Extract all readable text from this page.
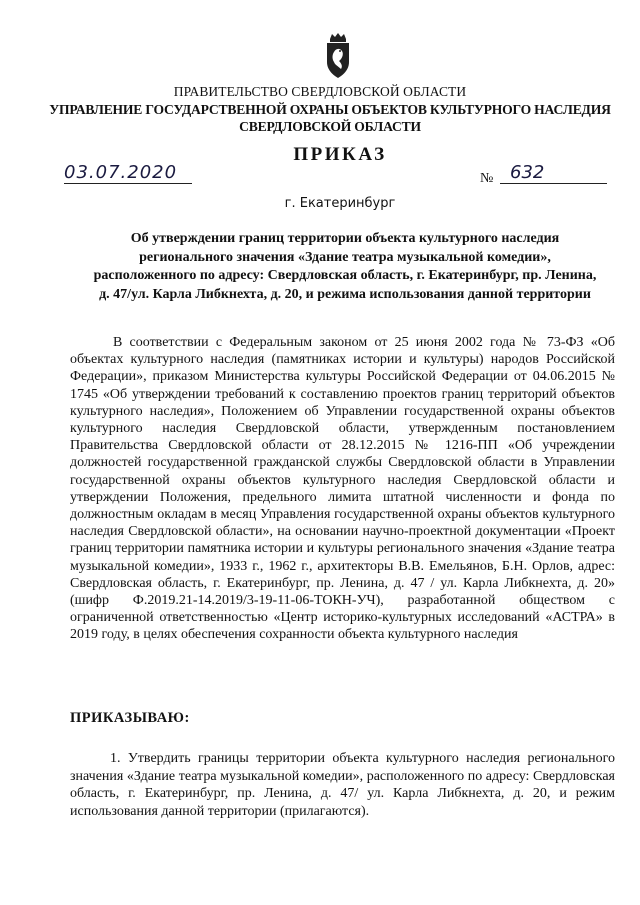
ПРАВИТЕЛЬСТВО СВЕРДЛОВСКОЙ ОБЛАСТИ
УПРАВЛЕНИЕ ГОСУДАРСТВЕННОЙ ОХРАНЫ ОБЪЕКТОВ КУЛЬТУРНОГО НАСЛЕДИЯ
СВЕРДЛОВСКОЙ ОБЛАСТИ
ПРИКАЗ
03.07.2020	№ 632
г. Екатеринбург
Об утверждении границ территории объекта культурного наследия регионального значения «Здание театра музыкальной комедии», расположенного по адресу: Свердловская область, г. Екатеринбург, пр. Ленина, д. 47/ул. Карла Либкнехта, д. 20, и режима использования данной территории

В соответствии с Федеральным законом от 25 июня 2002 года № 73-ФЗ «Об объектах культурного наследия (памятниках истории и культуры) народов Российской Федерации», приказом Министерства культуры Российской Федерации от 04.06.2015 № 1745 «Об утверждении требований к составлению проектов границ территорий объектов культурного наследия», Положением об Управлении государственной охраны объектов культурного наследия Свердловской области, утвержденным постановлением Правительства Свердловской области от 28.12.2015 № 1216-ПП «Об учреждении должностей государственной гражданской службы Свердловской области в Управлении государственной охраны объектов культурного наследия Свердловской области и утверждении Положения, предельного лимита штатной численности и фонда по должностным окладам в месяц Управления государственной охраны объектов культурного наследия Свердловской области», на основании научно-проектной документации «Проект границ территории памятника истории и культуры регионального значения «Здание театра музыкальной комедии», 1933 г., 1962 г., архитекторы В.В. Емельянов, Б.Н. Орлов, адрес: Свердловская область, г. Екатеринбург, пр. Ленина, д. 47 / ул. Карла Либкнехта, д. 20» (шифр Ф.2019.21-14.2019/3-19-11-06-ТОКН-УЧ), разработанной обществом с ограниченной ответственностью «Центр историко-культурных исследований «АСТРА» в 2019 году, в целях обеспечения сохранности объекта культурного наследия

ПРИКАЗЫВАЮ:

1. Утвердить границы территории объекта культурного наследия регионального значения «Здание театра музыкальной комедии», расположенного по адресу: Свердловская область, г. Екатеринбург, пр. Ленина, д. 47/ ул. Карла Либкнехта, д. 20, и режим использования данной территории (прилагаются).
